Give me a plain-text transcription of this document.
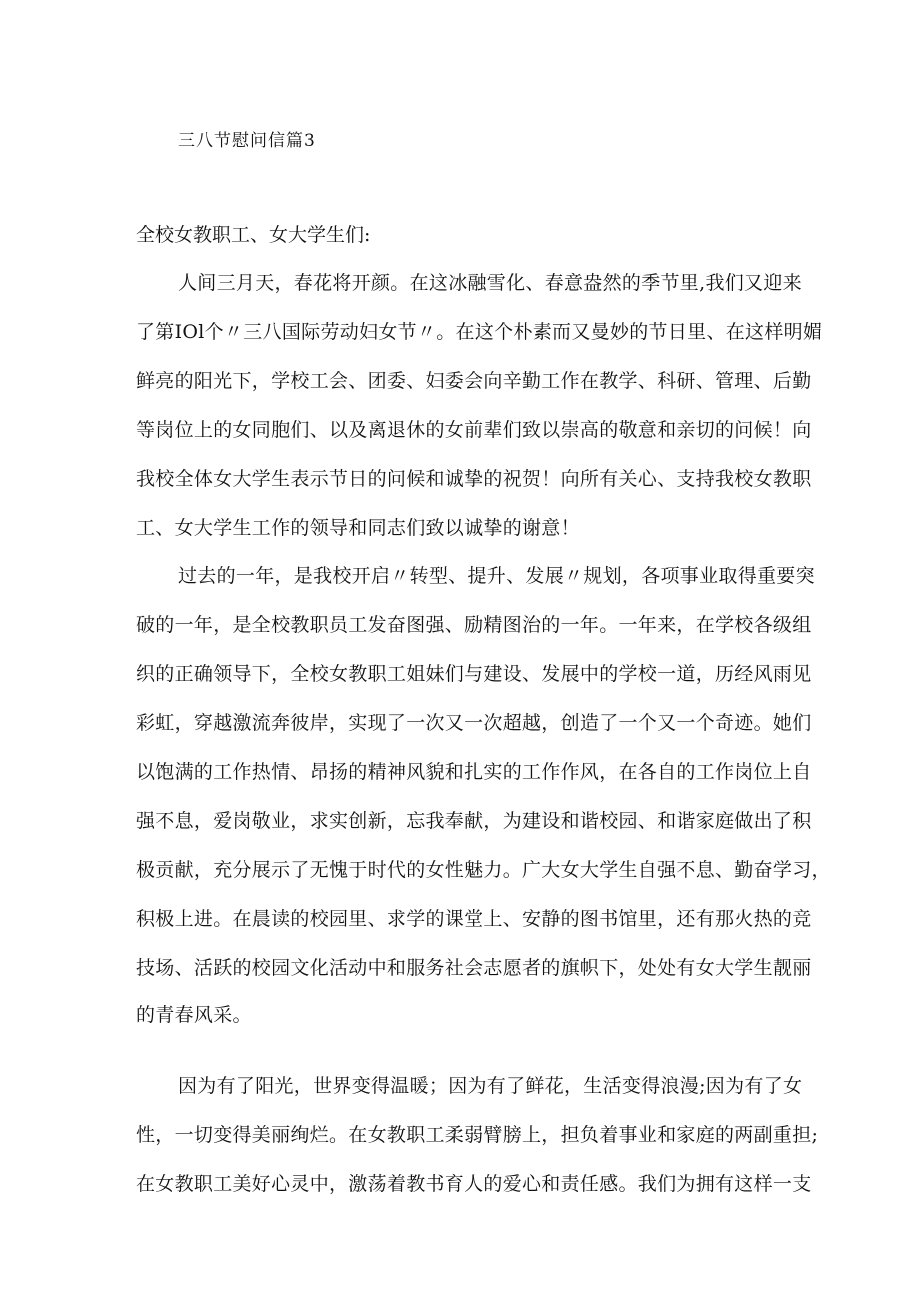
三八节慰问信篇3
全校女教职工、女大学生们:
人间三月天，春花将开颜。在这冰融雪化、春意盎然的季节里,我们又迎来
了第IOl个〃三八国际劳动妇女节〃。在这个朴素而又曼妙的节日里、在这样明媚
鲜亮的阳光下，学校工会、团委、妇委会向辛勤工作在教学、科研、管理、后勤
等岗位上的女同胞们、以及离退休的女前辈们致以崇高的敬意和亲切的问候！向
我校全体女大学生表示节日的问候和诚挚的祝贺！向所有关心、支持我校女教职
工、女大学生工作的领导和同志们致以诚挚的谢意！
过去的一年，是我校开启〃转型、提升、发展〃规划，各项事业取得重要突
破的一年，是全校教职员工发奋图强、励精图治的一年。一年来，在学校各级组
织的正确领导下，全校女教职工姐妹们与建设、发展中的学校一道，历经风雨见
彩虹，穿越激流奔彼岸，实现了一次又一次超越，创造了一个又一个奇迹。她们
以饱满的工作热情、昂扬的精神风貌和扎实的工作作风，在各自的工作岗位上自
强不息，爱岗敬业，求实创新，忘我奉献，为建设和谐校园、和谐家庭做出了积
极贡献，充分展示了无愧于时代的女性魅力。广大女大学生自强不息、勤奋学习，
积极上进。在晨读的校园里、求学的课堂上、安静的图书馆里，还有那火热的竞
技场、活跃的校园文化活动中和服务社会志愿者的旗帜下，处处有女大学生靓丽
的青春风采。
因为有了阳光，世界变得温暖；因为有了鲜花，生活变得浪漫;因为有了女
性，一切变得美丽绚烂。在女教职工柔弱臂膀上，担负着事业和家庭的两副重担;
在女教职工美好心灵中，激荡着教书育人的爱心和责任感。我们为拥有这样一支
